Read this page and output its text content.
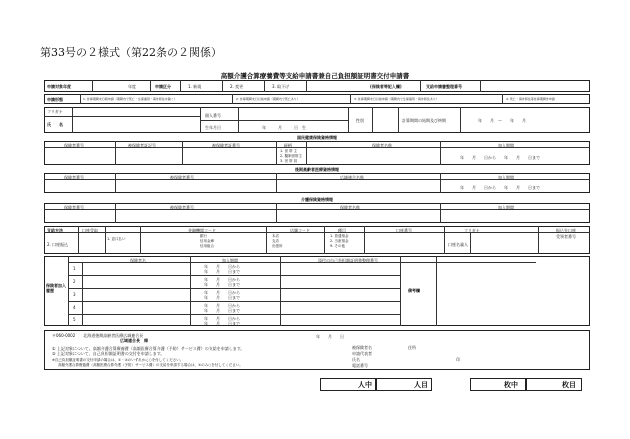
第33号の２様式（第22条の２関係）
高額介護合算療養費等支給申請書兼自己負担額証明書交付申請書
申請対象年度	年度	申請区分	1. 新規	2. 変更	3. 取下げ	(保険者等記入欄)	支給申請書整理番号
申請形態	1. 計算期間末日時申請（期間内で死亡・生保適用・海外移住を除く）	2. 計算期間末日以前申請（期間内で死亡あり）	3. 計算期間末日以前申請（期間内で生保適用・海外移住あり）	4. 死亡・海外移住等計算期間外申請
フリガナ
氏　　名
個人番号
生年月日	年　　　月　　　日　生
性別	計算期間の始期及び終期	年　　月　〜　　年　　月
国民健康保険資格情報
保険者番号	被保険者証記号	被保険者証番号	続柄
1. 世 帯 主
2. 擬制世帯主
3. 世 帯 員
保険者名称	加入期間
年　　月　　日から　　年　　月　　日まで
後期高齢者医療資格情報
保険者番号	被保険者番号	広域連合名称	加入期間
年　　月　　日から　　年　　月　　日まで
介護保険資格情報
保険者番号	被保険者番号	保険者名称	加入期間
支給方法
2. 口座振込
口座受取
1. 窓口払い
金融機関コード
銀行
信用金庫
信用組合
店舗コード
本店
支店
出張所
種目
1. 普通預金
2. 当座預金
9. その他
口座番号	フリガナ
口座名義人
振込先口座
受領者番号
保険者加入履歴
保険者名	加入期間	添付の自己負担額証明書整理番号
備考欄
1	年　　月　　日から
年　　月　　日まで
2	年　　月　　日から
年　　月　　日まで
3	年　　月　　日から
年　　月　　日まで
4	年　　月　　日から
年　　月　　日まで
5	年　　月　　日から
年　　月　　日まで
〒060-0002　　北海道後期高齢者医療広域連合長
広域連合長　様
年　　月　　日
① 上記対象について、高額介護合算療養費（高額医療合算介護（予防）サービス費）の支給を申請します。
② 上記対象について、自己負担額証明書の交付を申請します。
※自己負担額証明書の交付申請の場合は、①・②のいずれかに○を付してください。
高額介護合算療養費（高額医療合算介護（予防）サービス費）の支給を申請する場合は、①のみ○を付してください。
被保険者名	住所
申請代表者
氏名	印
電話番号
人中	人目	枚中	枚目
